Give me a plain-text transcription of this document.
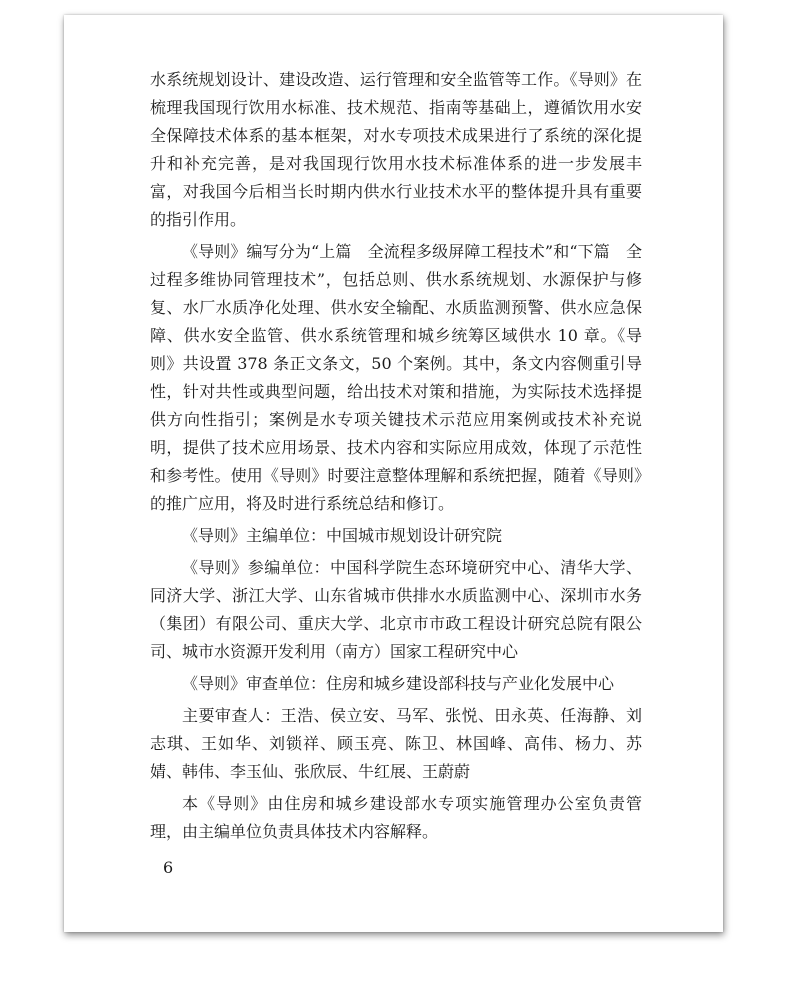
水系统规划设计、建设改造、运行管理和安全监管等工作。《导则》在梳理我国现行饮用水标准、技术规范、指南等基础上，遵循饮用水安全保障技术体系的基本框架，对水专项技术成果进行了系统的深化提升和补充完善，是对我国现行饮用水技术标准体系的进一步发展丰富，对我国今后相当长时期内供水行业技术水平的整体提升具有重要的指引作用。

《导则》编写分为“上篇　全流程多级屏障工程技术”和“下篇　全过程多维协同管理技术”，包括总则、供水系统规划、水源保护与修复、水厂水质净化处理、供水安全输配、水质监测预警、供水应急保障、供水安全监管、供水系统管理和城乡统筹区域供水 10 章。《导则》共设置 378 条正文条文，50 个案例。其中，条文内容侧重引导性，针对共性或典型问题，给出技术对策和措施，为实际技术选择提供方向性指引；案例是水专项关键技术示范应用案例或技术补充说明，提供了技术应用场景、技术内容和实际应用成效，体现了示范性和参考性。使用《导则》时要注意整体理解和系统把握，随着《导则》的推广应用，将及时进行系统总结和修订。

《导则》主编单位：中国城市规划设计研究院

《导则》参编单位：中国科学院生态环境研究中心、清华大学、同济大学、浙江大学、山东省城市供排水水质监测中心、深圳市水务（集团）有限公司、重庆大学、北京市市政工程设计研究总院有限公司、城市水资源开发利用（南方）国家工程研究中心

《导则》审查单位：住房和城乡建设部科技与产业化发展中心

主要审查人：王浩、侯立安、马军、张悦、田永英、任海静、刘志琪、王如华、刘锁祥、顾玉亮、陈卫、林国峰、高伟、杨力、苏婧、韩伟、李玉仙、张欣辰、牛红展、王蔚蔚

本《导则》由住房和城乡建设部水专项实施管理办公室负责管理，由主编单位负责具体技术内容解释。

6
